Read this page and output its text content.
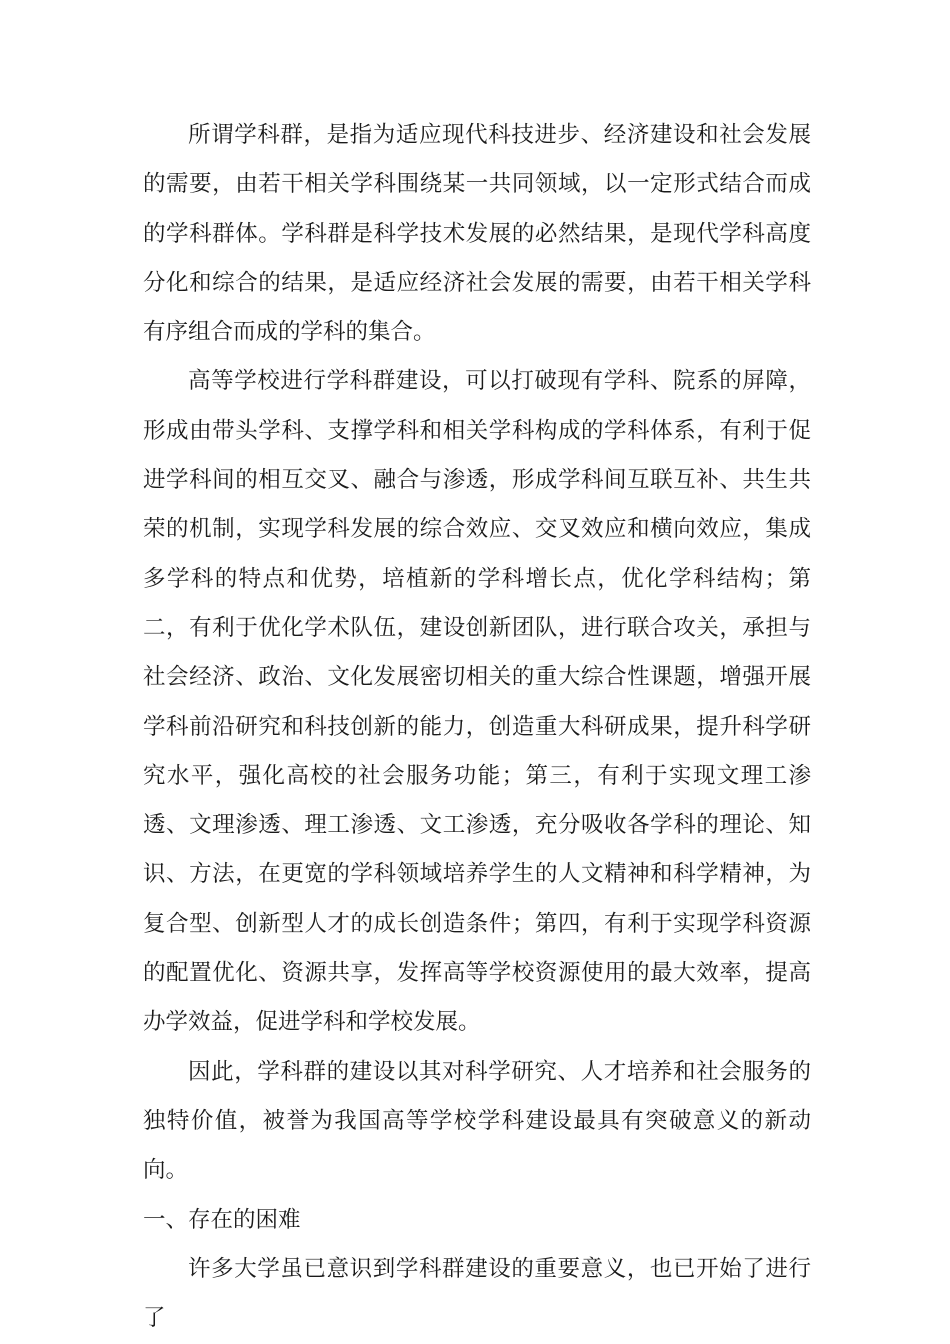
所谓学科群，是指为适应现代科技进步、经济建设和社会发展的需要，由若干相关学科围绕某一共同领域，以一定形式结合而成的学科群体。学科群是科学技术发展的必然结果，是现代学科高度分化和综合的结果，是适应经济社会发展的需要，由若干相关学科有序组合而成的学科的集合。

高等学校进行学科群建设，可以打破现有学科、院系的屏障，形成由带头学科、支撑学科和相关学科构成的学科体系，有利于促进学科间的相互交叉、融合与渗透，形成学科间互联互补、共生共荣的机制，实现学科发展的综合效应、交叉效应和横向效应，集成多学科的特点和优势，培植新的学科增长点，优化学科结构；第二，有利于优化学术队伍，建设创新团队，进行联合攻关，承担与社会经济、政治、文化发展密切相关的重大综合性课题，增强开展学科前沿研究和科技创新的能力，创造重大科研成果，提升科学研究水平，强化高校的社会服务功能；第三，有利于实现文理工渗透、文理渗透、理工渗透、文工渗透，充分吸收各学科的理论、知识、方法，在更宽的学科领域培养学生的人文精神和科学精神，为复合型、创新型人才的成长创造条件；第四，有利于实现学科资源的配置优化、资源共享，发挥高等学校资源使用的最大效率，提高办学效益，促进学科和学校发展。

因此，学科群的建设以其对科学研究、人才培养和社会服务的独特价值，被誉为我国高等学校学科建设最具有突破意义的新动向。

一、存在的困难

许多大学虽已意识到学科群建设的重要意义，也已开始了进行了
